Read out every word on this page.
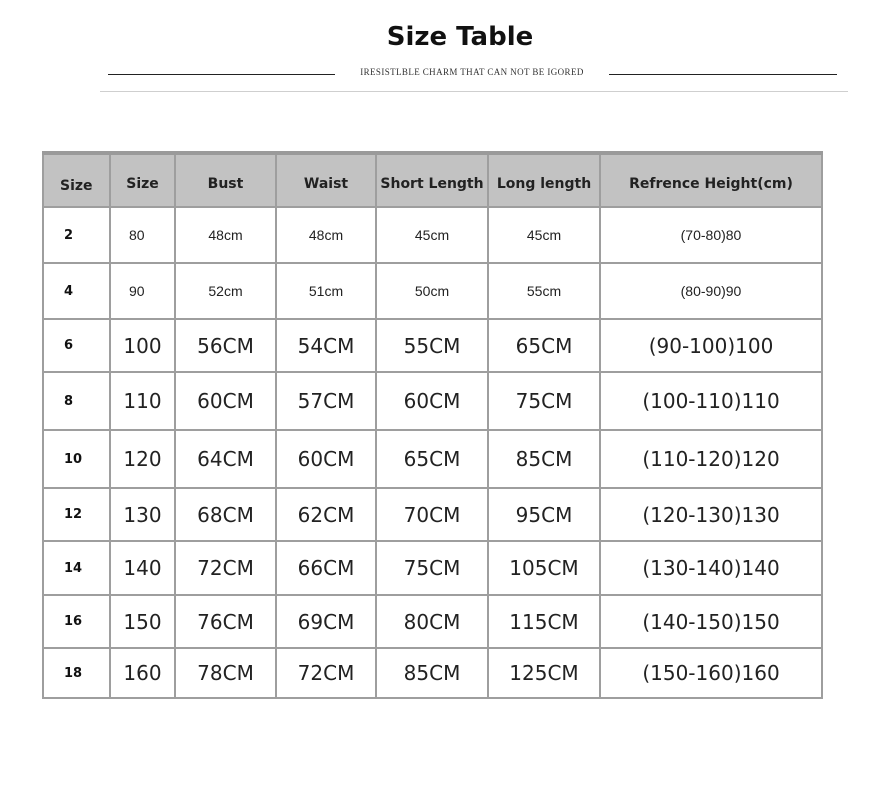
Size Table
IRESISTLBLE CHARM THAT CAN NOT BE IGORED
Size	Size	Bust	Waist	Short Length	Long length	Refrence Height(cm)
2	80	48cm	48cm	45cm	45cm	(70-80)80
4	90	52cm	51cm	50cm	55cm	(80-90)90
6	100	56CM	54CM	55CM	65CM	(90-100)100
8	110	60CM	57CM	60CM	75CM	(100-110)110
10	120	64CM	60CM	65CM	85CM	(110-120)120
12	130	68CM	62CM	70CM	95CM	(120-130)130
14	140	72CM	66CM	75CM	105CM	(130-140)140
16	150	76CM	69CM	80CM	115CM	(140-150)150
18	160	78CM	72CM	85CM	125CM	(150-160)160
